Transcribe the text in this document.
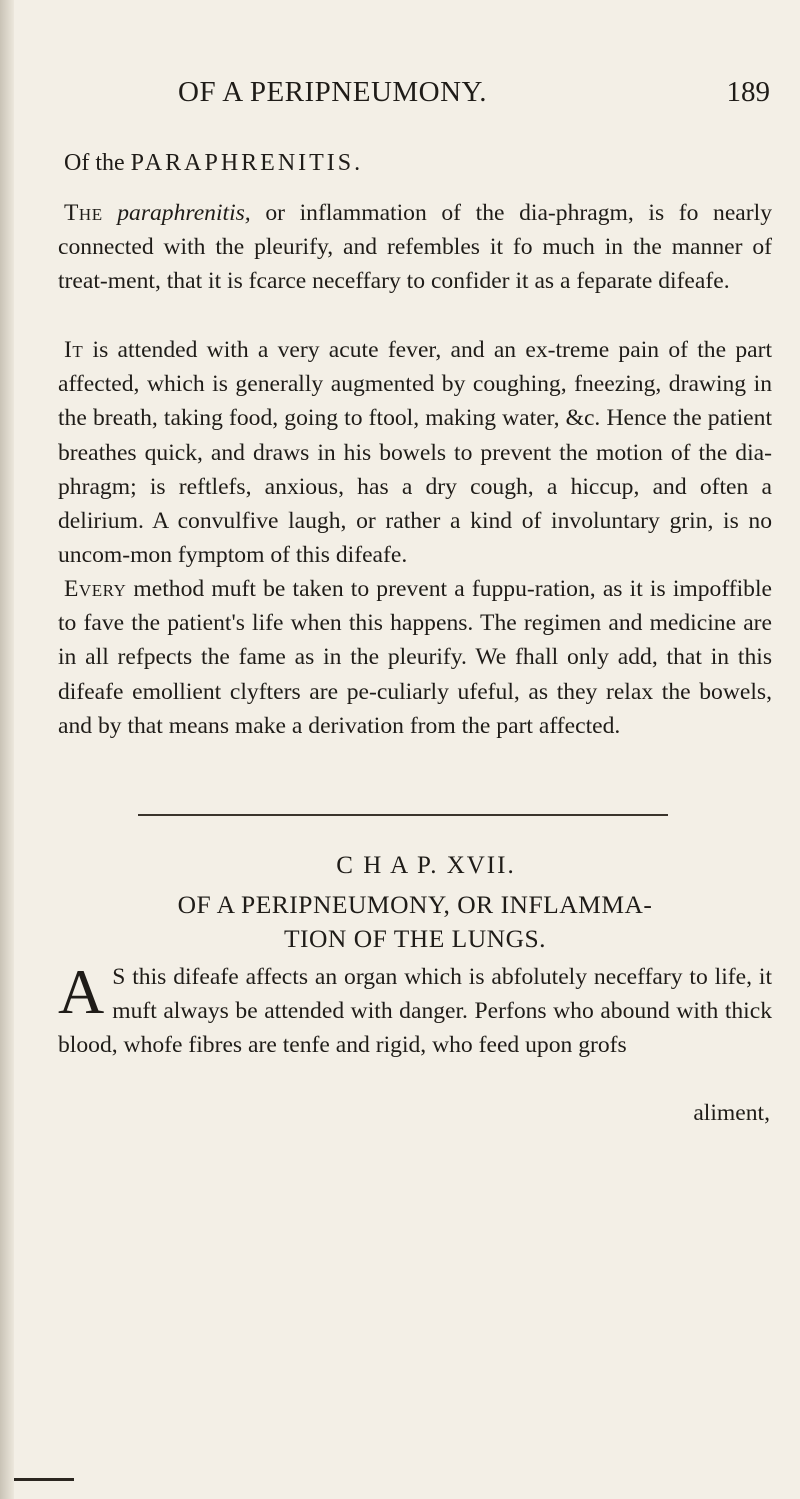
OF A PERIPNEUMONY.	189
Of the PARAPHRENITIS.

The paraphrenitis, or inflammation of the dia-phragm, is fo nearly connected with the pleurify, and refembles it fo much in the manner of treat-ment, that it is fcarce neceffary to confider it as a feparate difeafe.

It is attended with a very acute fever, and an ex-treme pain of the part affected, which is generally augmented by coughing, fneezing, drawing in the breath, taking food, going to ftool, making water, &c. Hence the patient breathes quick, and draws in his bowels to prevent the motion of the dia-phragm; is reftlefs, anxious, has a dry cough, a hiccup, and often a delirium. A convulfive laugh, or rather a kind of involuntary grin, is no uncom-mon fymptom of this difeafe.

Every method muft be taken to prevent a fuppu-ration, as it is impoffible to fave the patient's life when this happens. The regimen and medicine are in all refpects the fame as in the pleurify. We fhall only add, that in this difeafe emollient clyfters are pe-culiarly ufeful, as they relax the bowels, and by that means make a derivation from the part affected.

C H A P. XVII.
OF A PERIPNEUMONY, OR INFLAMMA-
TION OF THE LUNGS.
A S this difeafe affects an organ which is abfolutely neceffary to life, it muft always be attended with danger. Perfons who abound with thick blood, whofe fibres are tenfe and rigid, who feed upon grofs

aliment,
